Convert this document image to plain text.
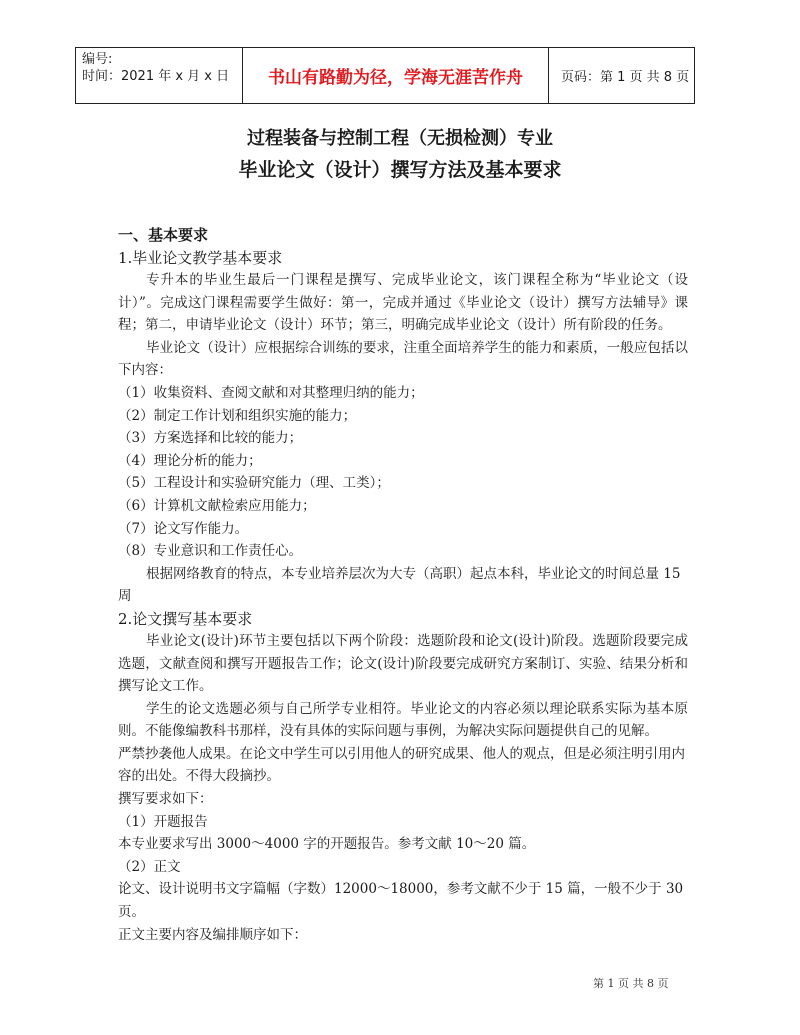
编号:
时间：2021 年 x 月 x 日	书山有路勤为径，学海无涯苦作舟	页码：第 1 页 共 8 页
过程装备与控制工程（无损检测）专业
毕业论文（设计）撰写方法及基本要求

一、基本要求

1.毕业论文教学基本要求

专升本的毕业生最后一门课程是撰写、完成毕业论文，该门课程全称为“毕业论文（设计）”。完成这门课程需要学生做好：第一，完成并通过《毕业论文（设计）撰写方法辅导》课程；第二，申请毕业论文（设计）环节；第三，明确完成毕业论文（设计）所有阶段的任务。

毕业论文（设计）应根据综合训练的要求，注重全面培养学生的能力和素质，一般应包括以下内容：

（1）收集资料、查阅文献和对其整理归纳的能力；

（2）制定工作计划和组织实施的能力；

（3）方案选择和比较的能力；

（4）理论分析的能力；

（5）工程设计和实验研究能力（理、工类）；

（6）计算机文献检索应用能力；

（7）论文写作能力。

（8）专业意识和工作责任心。

根据网络教育的特点，本专业培养层次为大专（高职）起点本科，毕业论文的时间总量 15 周

2.论文撰写基本要求

毕业论文(设计)环节主要包括以下两个阶段：选题阶段和论文(设计)阶段。选题阶段要完成选题，文献查阅和撰写开题报告工作；论文(设计)阶段要完成研究方案制订、实验、结果分析和撰写论文工作。

学生的论文选题必须与自己所学专业相符。毕业论文的内容必须以理论联系实际为基本原则。不能像编教科书那样，没有具体的实际问题与事例，为解决实际问题提供自己的见解。

严禁抄袭他人成果。在论文中学生可以引用他人的研究成果、他人的观点，但是必须注明引用内容的出处。不得大段摘抄。

撰写要求如下：

（1）开题报告

本专业要求写出 3000～4000 字的开题报告。参考文献 10～20 篇。

（2）正文

论文、设计说明书文字篇幅（字数）12000～18000，参考文献不少于 15 篇，一般不少于 30 页。

正文主要内容及编排顺序如下：

第 1 页 共 8 页
